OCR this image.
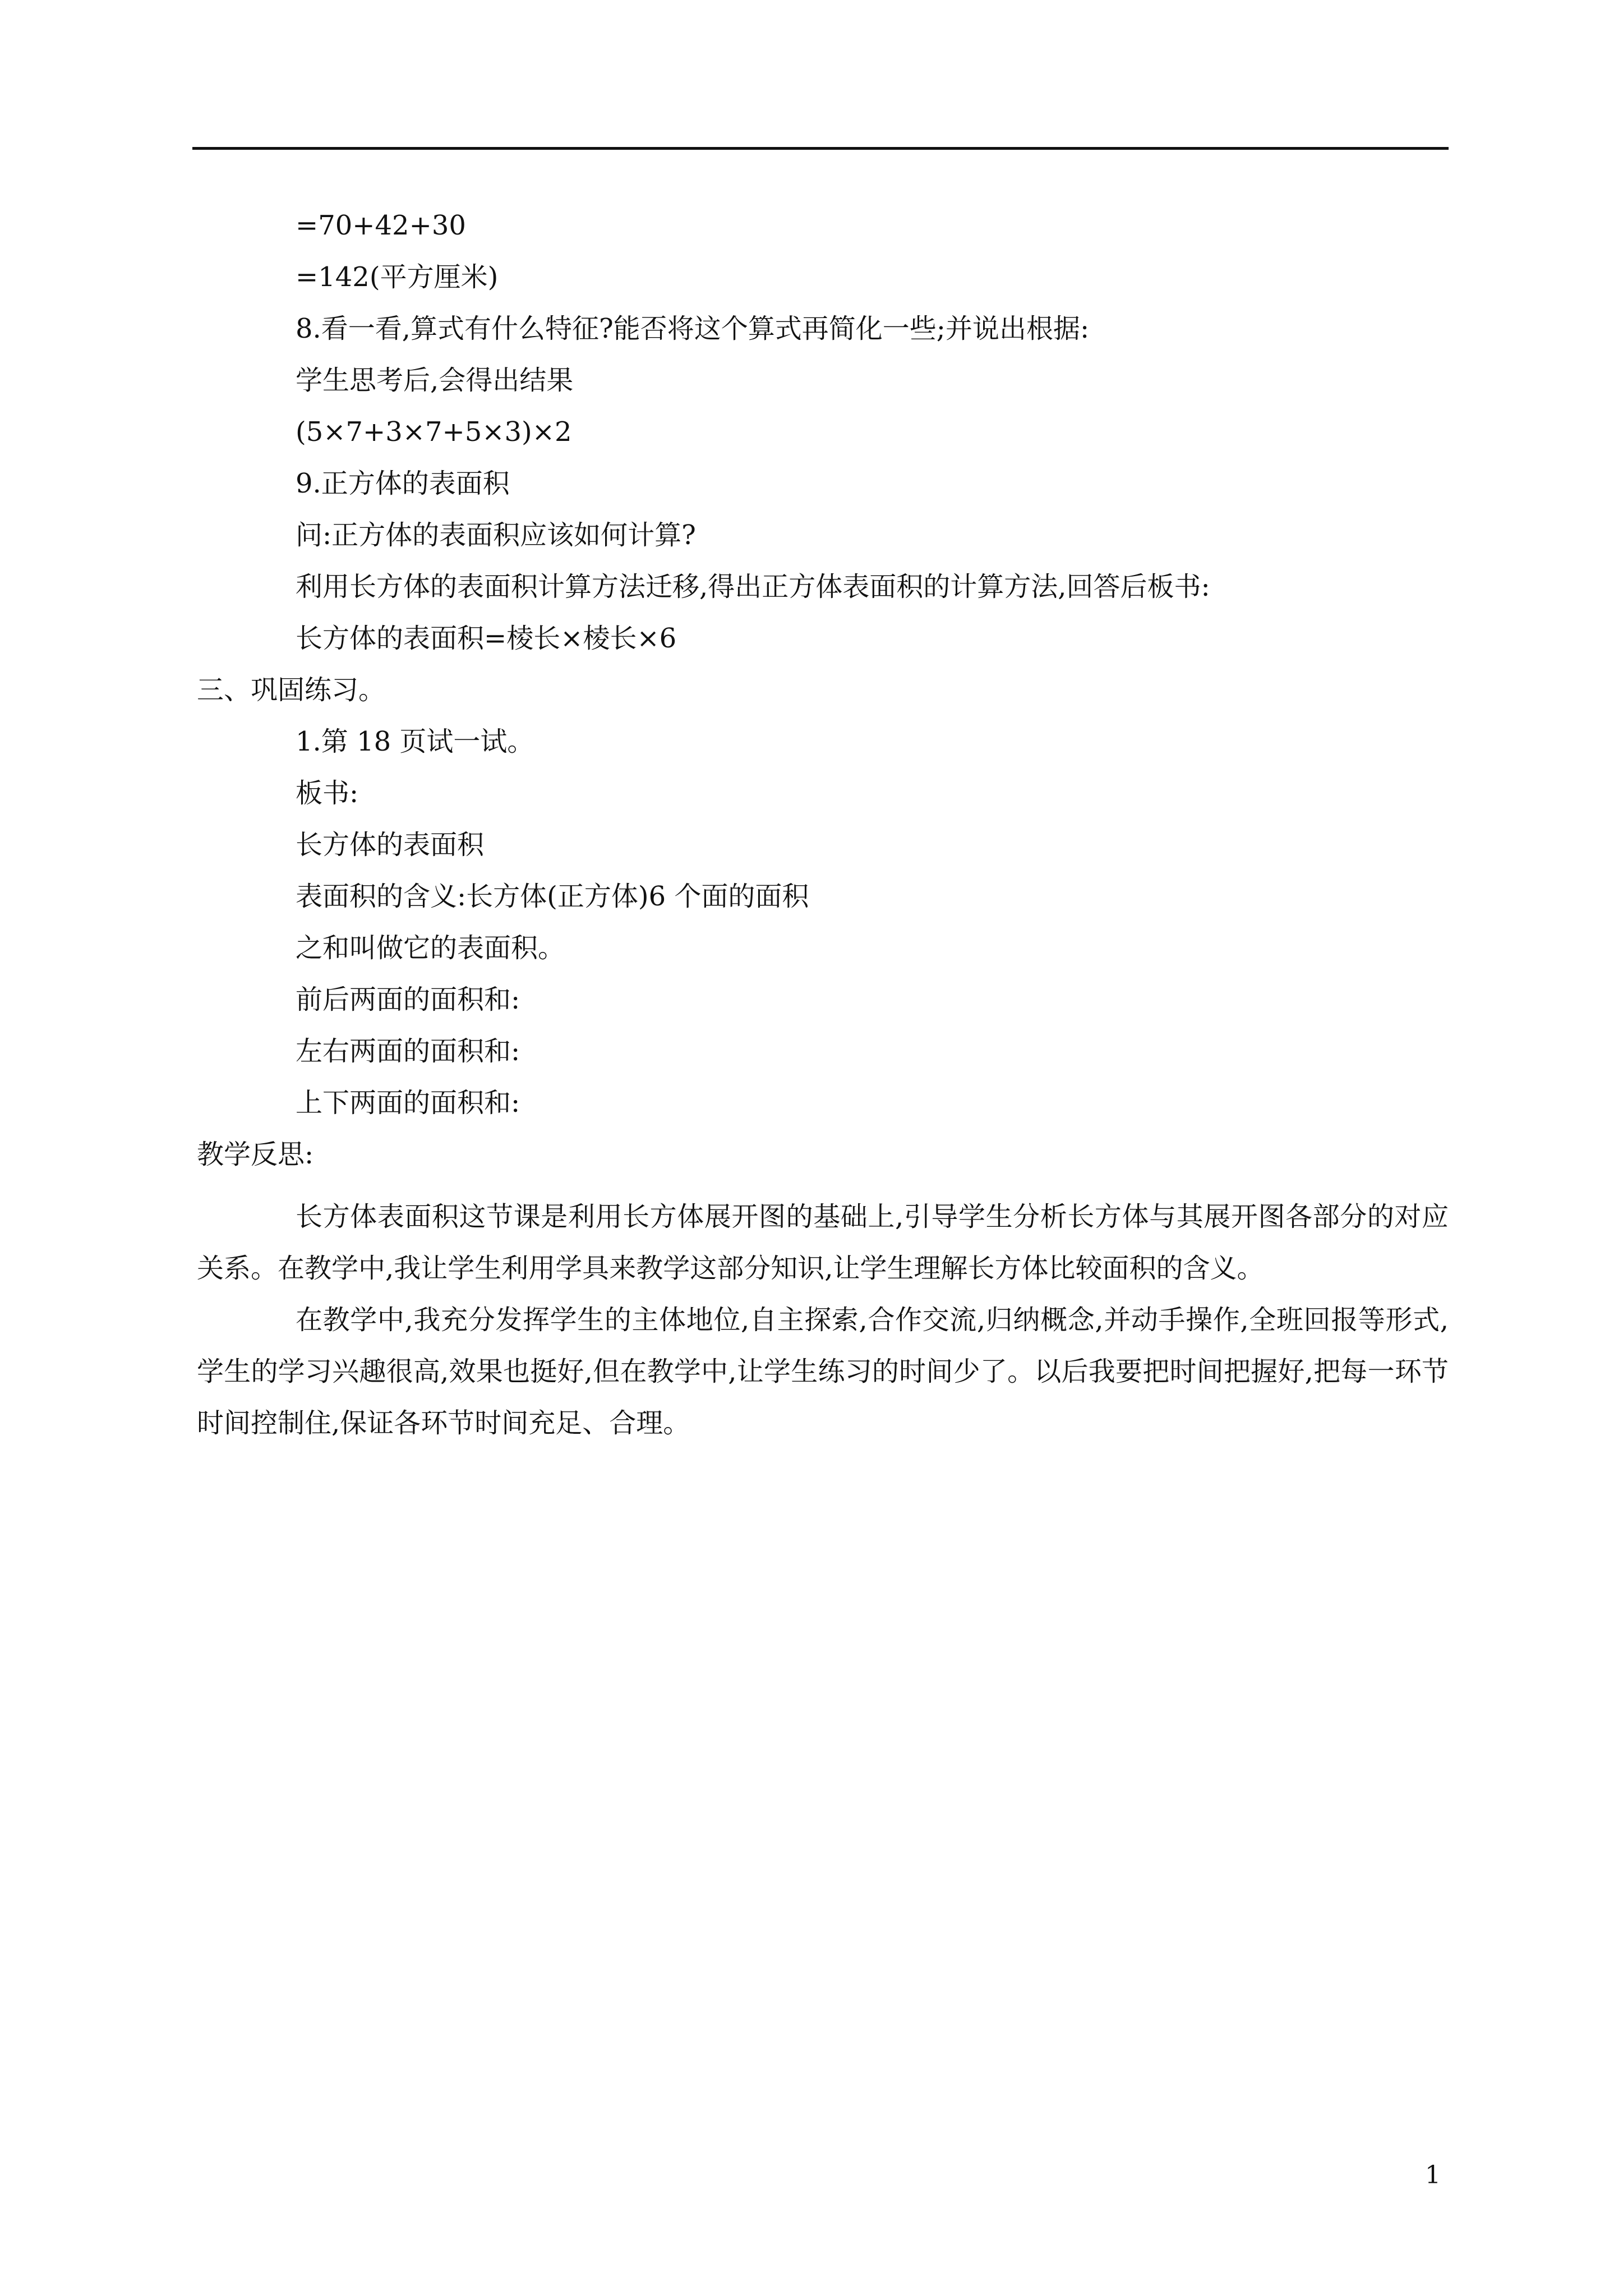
=70+42+30
=142(平方厘米)
8.看一看,算式有什么特征?能否将这个算式再简化一些;并说出根据:
学生思考后,会得出结果
(5×7+3×7+5×3)×2
9.正方体的表面积
问:正方体的表面积应该如何计算?
利用长方体的表面积计算方法迁移,得出正方体表面积的计算方法,回答后板书:
长方体的表面积=棱长×棱长×6
三、巩固练习。
1.第 18 页试一试。
板书:
长方体的表面积
表面积的含义:长方体(正方体)6 个面的面积
之和叫做它的表面积。
前后两面的面积和:
左右两面的面积和:
上下两面的面积和:
教学反思:

长方体表面积这节课是利用长方体展开图的基础上,引导学生分析长方体与其展开图各部分的对应关系。在教学中,我让学生利用学具来教学这部分知识,让学生理解长方体比较面积的含义。

在教学中,我充分发挥学生的主体地位,自主探索,合作交流,归纳概念,并动手操作,全班回报等形式,学生的学习兴趣很高,效果也挺好,但在教学中,让学生练习的时间少了。以后我要把时间把握好,把每一环节时间控制住,保证各环节时间充足、合理。

1
